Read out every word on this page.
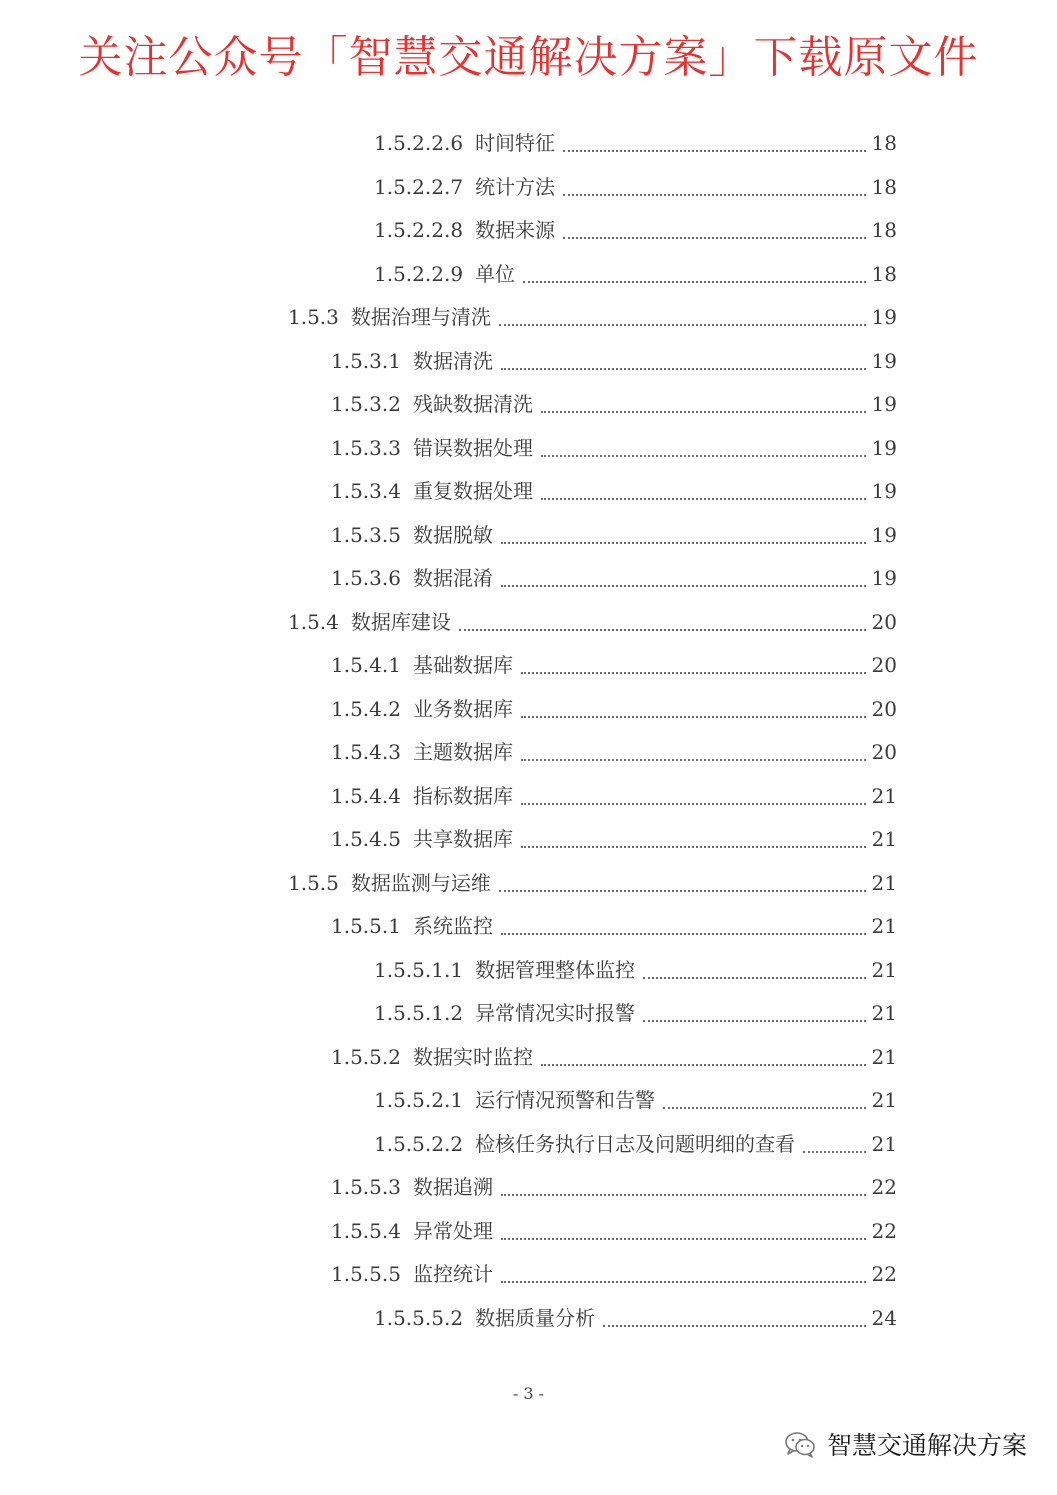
关注公众号「智慧交通解决方案」下载原文件
1.5.2.2.6 时间特征	18
1.5.2.2.7 统计方法	18
1.5.2.2.8 数据来源	18
1.5.2.2.9 单位	18
1.5.3 数据治理与清洗	19
1.5.3.1 数据清洗	19
1.5.3.2 残缺数据清洗	19
1.5.3.3 错误数据处理	19
1.5.3.4 重复数据处理	19
1.5.3.5 数据脱敏	19
1.5.3.6 数据混淆	19
1.5.4 数据库建设	20
1.5.4.1 基础数据库	20
1.5.4.2 业务数据库	20
1.5.4.3 主题数据库	20
1.5.4.4 指标数据库	21
1.5.4.5 共享数据库	21
1.5.5 数据监测与运维	21
1.5.5.1 系统监控	21
1.5.5.1.1 数据管理整体监控	21
1.5.5.1.2 异常情况实时报警	21
1.5.5.2 数据实时监控	21
1.5.5.2.1 运行情况预警和告警	21
1.5.5.2.2 检核任务执行日志及问题明细的查看	21
1.5.5.3 数据追溯	22
1.5.5.4 异常处理	22
1.5.5.5 监控统计	22
1.5.5.5.2 数据质量分析	24
- 3 -
智慧交通解决方案
